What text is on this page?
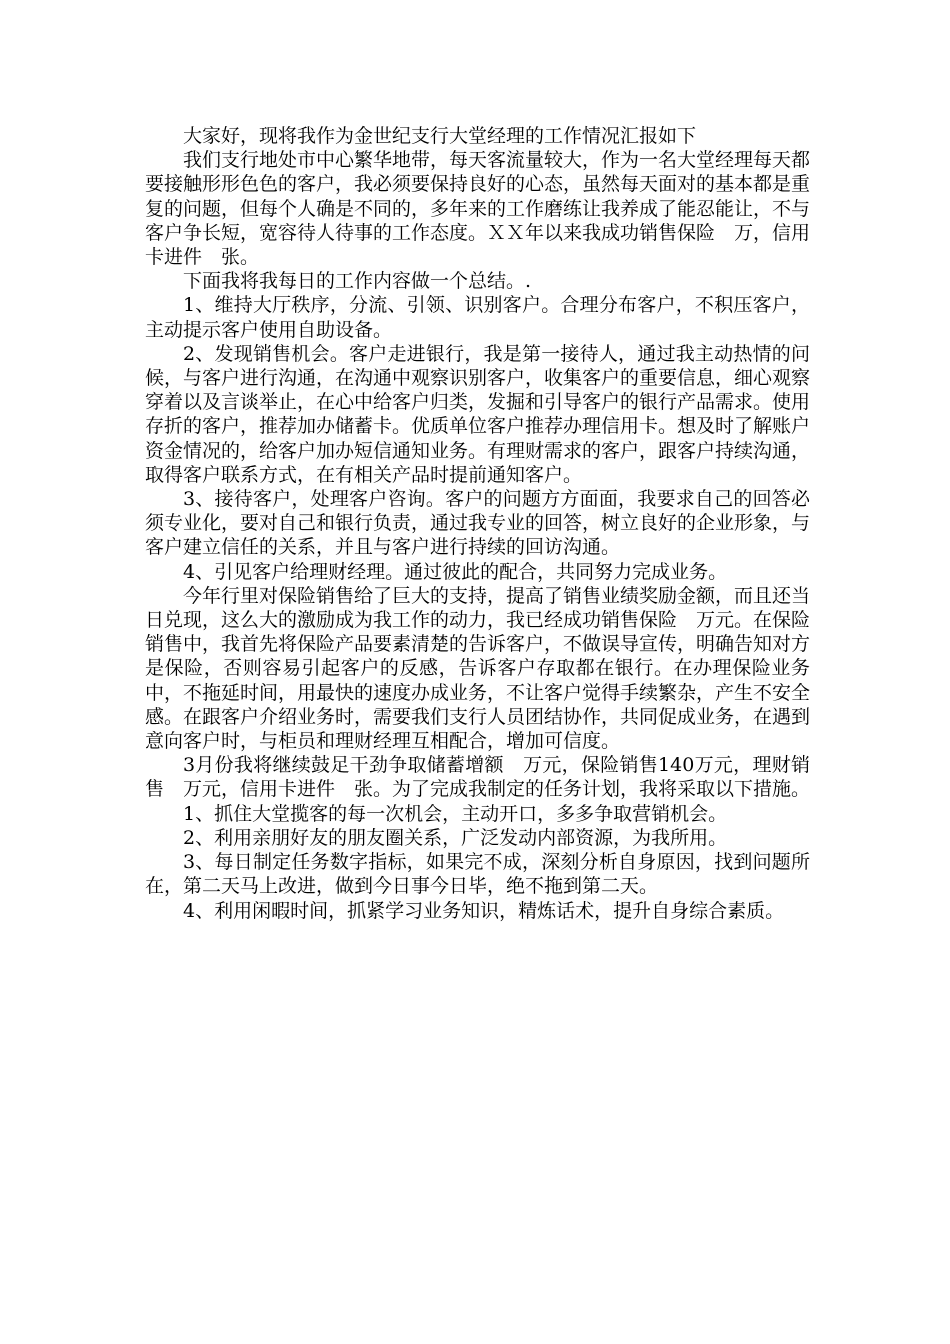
大家好，现将我作为金世纪支行大堂经理的工作情况汇报如下

我们支行地处市中心繁华地带，每天客流量较大，作为一名大堂经理每天都要接触形形色色的客户，我必须要保持良好的心态，虽然每天面对的基本都是重复的问题，但每个人确是不同的，多年来的工作磨练让我养成了能忍能让，不与客户争长短，宽容待人待事的工作态度。ＸＸ年以来我成功销售保险　万，信用卡进件　张。

下面我将我每日的工作内容做一个总结。.

1、维持大厅秩序，分流、引领、识别客户。合理分布客户，不积压客户，主动提示客户使用自助设备。

2、发现销售机会。客户走进银行，我是第一接待人，通过我主动热情的问候，与客户进行沟通，在沟通中观察识别客户，收集客户的重要信息，细心观察穿着以及言谈举止，在心中给客户归类，发掘和引导客户的银行产品需求。使用存折的客户，推荐加办储蓄卡。优质单位客户推荐办理信用卡。想及时了解账户资金情况的，给客户加办短信通知业务。有理财需求的客户，跟客户持续沟通，取得客户联系方式，在有相关产品时提前通知客户。

3、接待客户，处理客户咨询。客户的问题方方面面，我要求自己的回答必须专业化，要对自己和银行负责，通过我专业的回答，树立良好的企业形象，与客户建立信任的关系，并且与客户进行持续的回访沟通。

4、引见客户给理财经理。通过彼此的配合，共同努力完成业务。

今年行里对保险销售给了巨大的支持，提高了销售业绩奖励金额，而且还当日兑现，这么大的激励成为我工作的动力，我已经成功销售保险　万元。在保险销售中，我首先将保险产品要素清楚的告诉客户，不做误导宣传，明确告知对方是保险，否则容易引起客户的反感，告诉客户存取都在银行。在办理保险业务中，不拖延时间，用最快的速度办成业务，不让客户觉得手续繁杂，产生不安全感。在跟客户介绍业务时，需要我们支行人员团结协作，共同促成业务，在遇到意向客户时，与柜员和理财经理互相配合，增加可信度。

3月份我将继续鼓足干劲争取储蓄增额　万元，保险销售140万元，理财销售　万元，信用卡进件　张。为了完成我制定的任务计划，我将采取以下措施。

1、抓住大堂揽客的每一次机会，主动开口，多多争取营销机会。

2、利用亲朋好友的朋友圈关系，广泛发动内部资源，为我所用。

3、每日制定任务数字指标，如果完不成，深刻分析自身原因，找到问题所在，第二天马上改进，做到今日事今日毕，绝不拖到第二天。

4、利用闲暇时间，抓紧学习业务知识，精炼话术，提升自身综合素质。
